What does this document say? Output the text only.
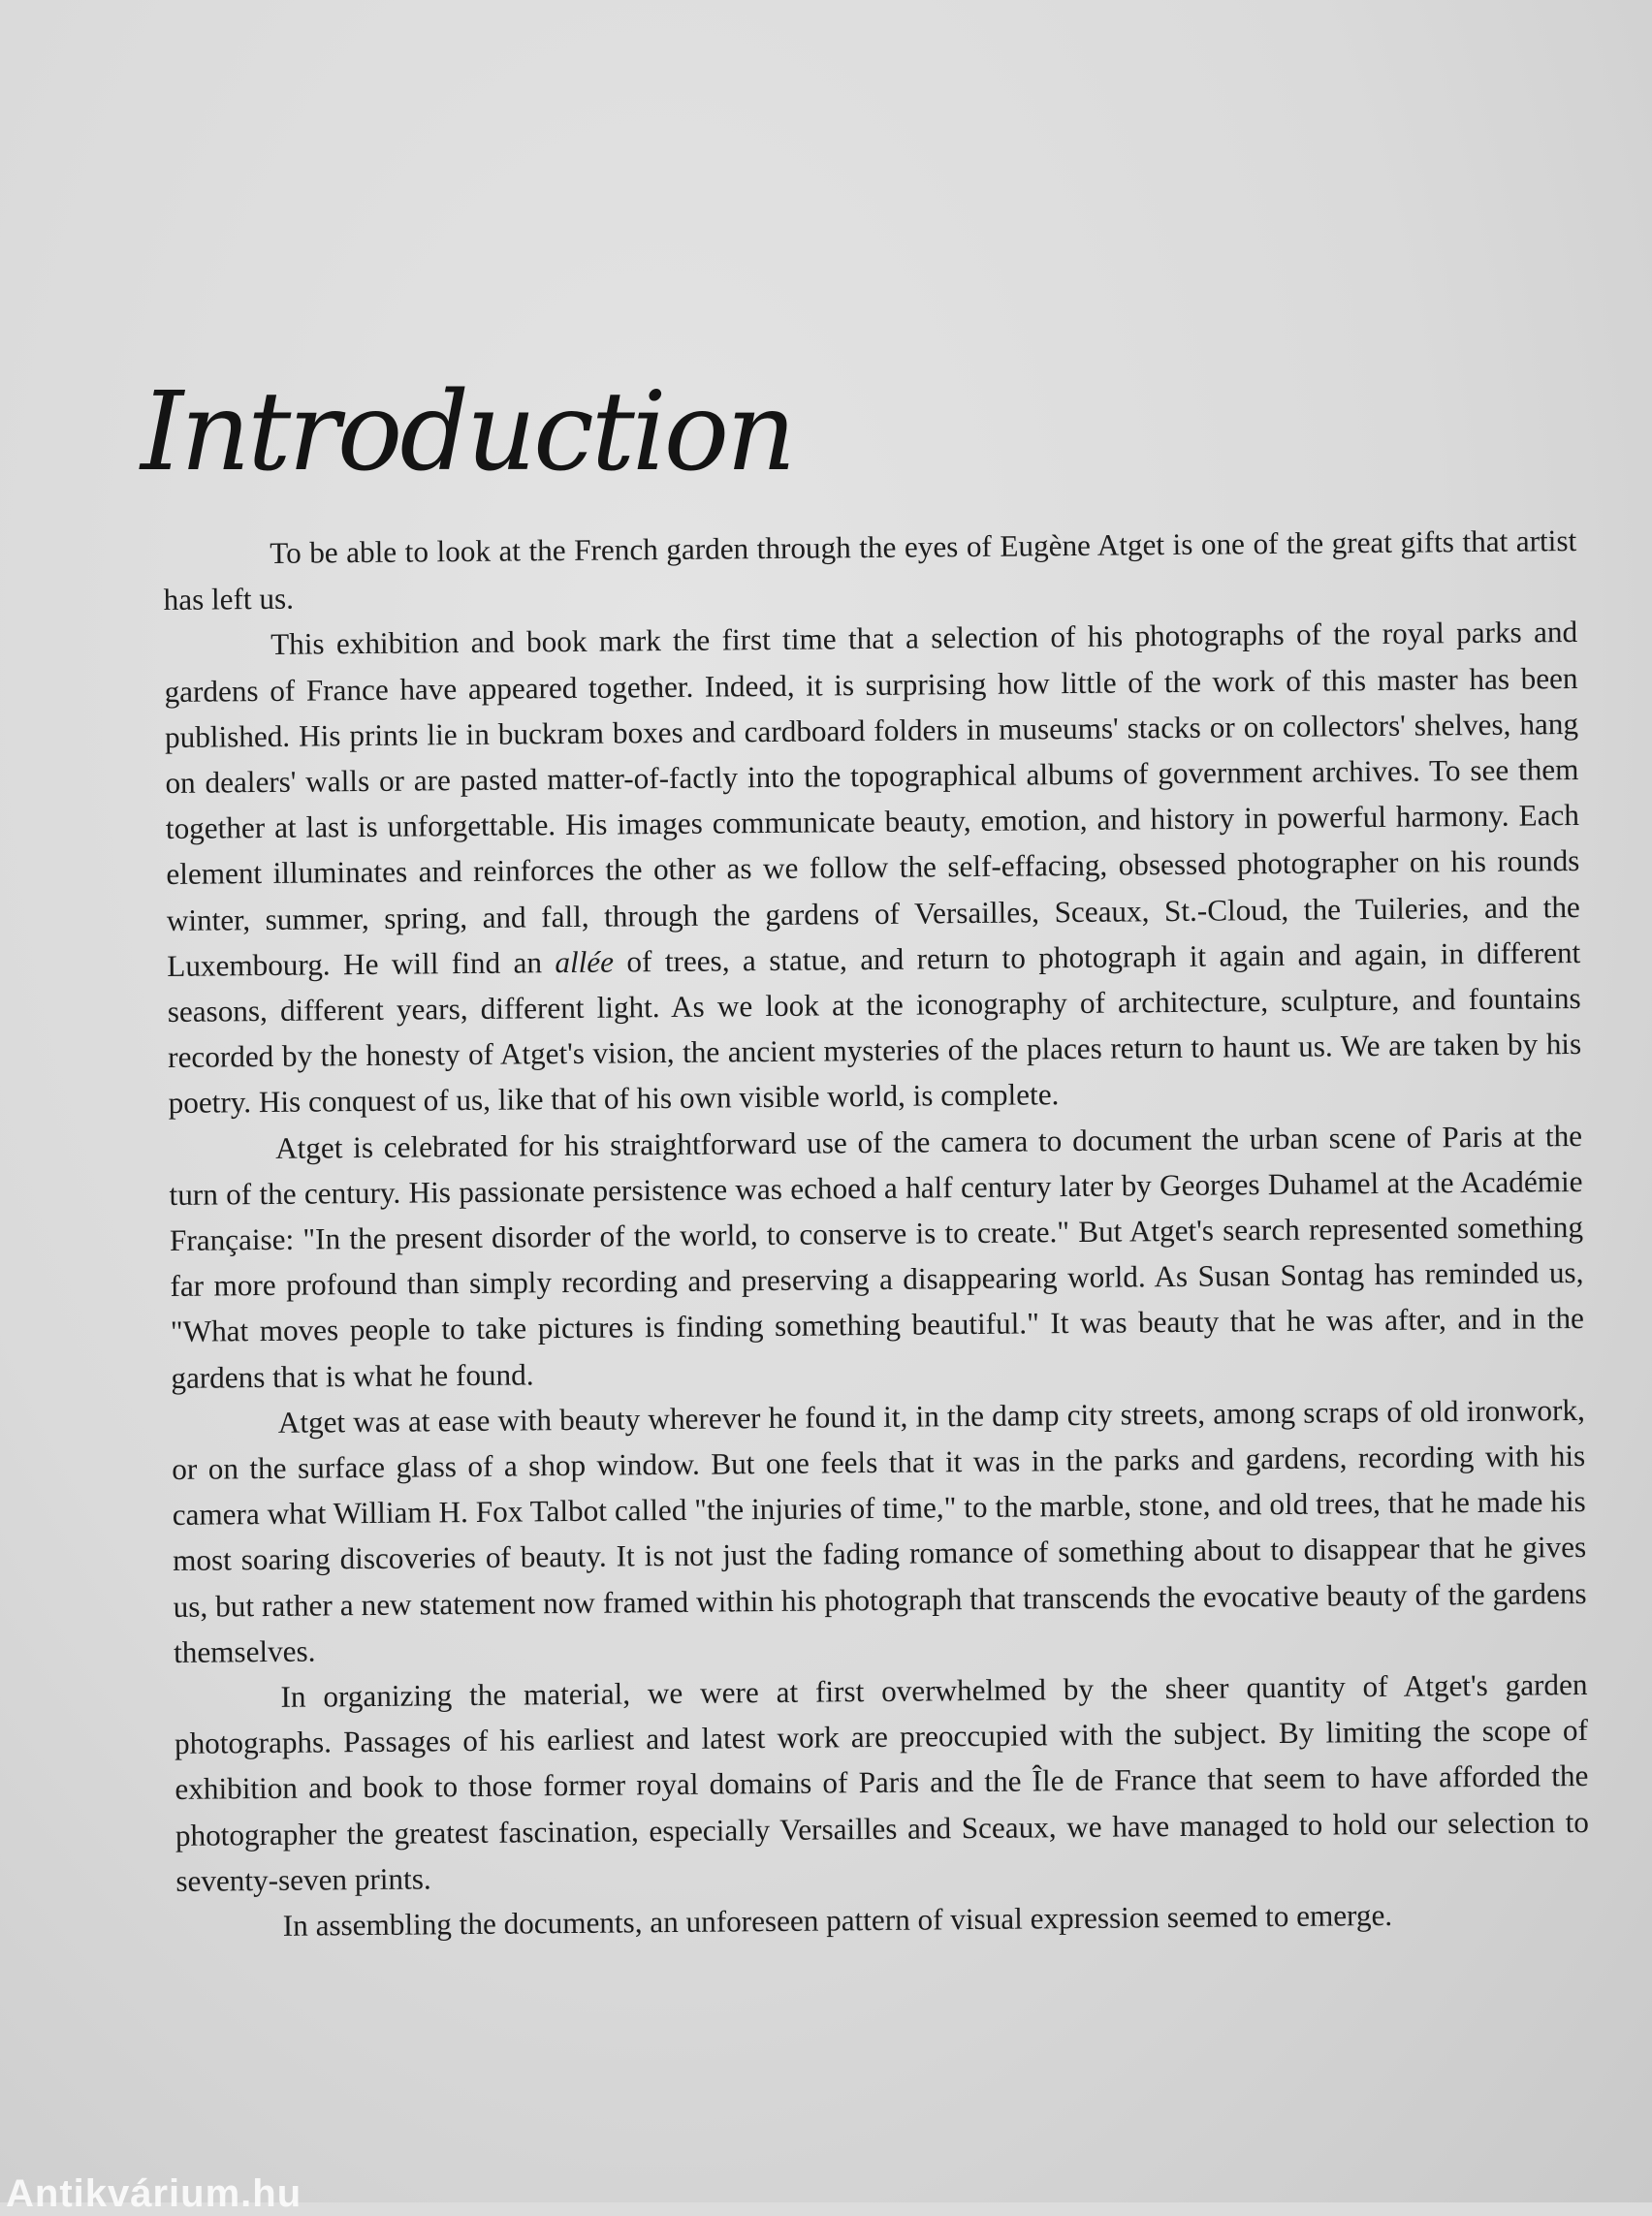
Introduction

To be able to look at the French garden through the eyes of Eugène Atget is one of the great gifts that artist has left us.

This exhibition and book mark the first time that a selection of his photographs of the royal parks and gardens of France have appeared together. Indeed, it is surprising how little of the work of this master has been published. His prints lie in buckram boxes and cardboard folders in museums' stacks or on collectors' shelves, hang on dealers' walls or are pasted matter-of-factly into the topographical albums of government archives. To see them together at last is unforgettable. His images communicate beauty, emotion, and history in powerful harmony. Each element illuminates and reinforces the other as we follow the self-effacing, obsessed photographer on his rounds winter, summer, spring, and fall, through the gardens of Versailles, Sceaux, St.-Cloud, the Tuileries, and the Luxembourg. He will find an allée of trees, a statue, and return to photograph it again and again, in different seasons, different years, different light. As we look at the iconography of architecture, sculpture, and fountains recorded by the honesty of Atget's vision, the ancient mysteries of the places return to haunt us. We are taken by his poetry. His conquest of us, like that of his own visible world, is complete.

Atget is celebrated for his straightforward use of the camera to document the urban scene of Paris at the turn of the century. His passionate persistence was echoed a half century later by Georges Duhamel at the Académie Française: "In the present disorder of the world, to conserve is to create." But Atget's search represented something far more profound than simply recording and preserving a disappearing world. As Susan Sontag has reminded us, "What moves people to take pictures is finding something beautiful." It was beauty that he was after, and in the gardens that is what he found.

Atget was at ease with beauty wherever he found it, in the damp city streets, among scraps of old ironwork, or on the surface glass of a shop window. But one feels that it was in the parks and gardens, recording with his camera what William H. Fox Talbot called "the injuries of time," to the marble, stone, and old trees, that he made his most soaring discoveries of beauty. It is not just the fading romance of something about to disappear that he gives us, but rather a new statement now framed within his photograph that transcends the evocative beauty of the gardens themselves.

In organizing the material, we were at first overwhelmed by the sheer quantity of Atget's garden photographs. Passages of his earliest and latest work are preoccupied with the subject. By limiting the scope of exhibition and book to those former royal domains of Paris and the Île de France that seem to have afforded the photographer the greatest fascination, especially Versailles and Sceaux, we have managed to hold our selection to seventy-seven prints.

In assembling the documents, an unforeseen pattern of visual expression seemed to emerge.

Antikvárium.hu
